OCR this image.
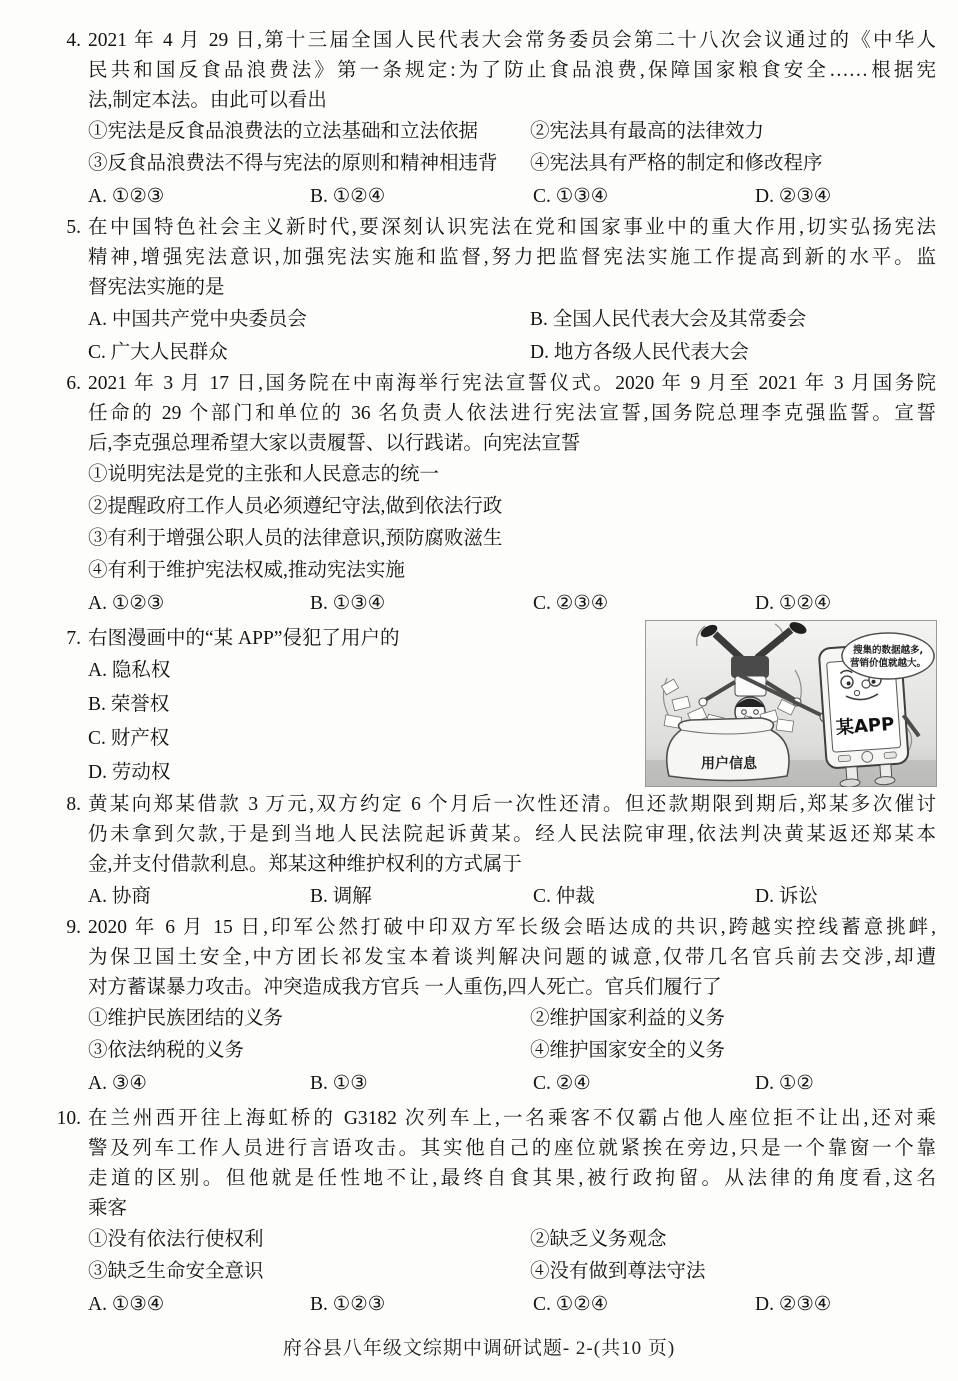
4. 2021 年 4 月 29 日,第十三届全国人民代表大会常务委员会第二十八次会议通过的《中华人
民共和国反食品浪费法》第一条规定:为了防止食品浪费,保障国家粮食安全……根据宪
法,制定本法。由此可以看出
①宪法是反食品浪费法的立法基础和立法依据	②宪法具有最高的法律效力
③反食品浪费法不得与宪法的原则和精神相违背	④宪法具有严格的制定和修改程序
A. ①②③	B. ①②④	C. ①③④	D. ②③④
5. 在中国特色社会主义新时代,要深刻认识宪法在党和国家事业中的重大作用,切实弘扬宪法
精神,增强宪法意识,加强宪法实施和监督,努力把监督宪法实施工作提高到新的水平。监
督宪法实施的是
A. 中国共产党中央委员会	B. 全国人民代表大会及其常委会
C. 广大人民群众	D. 地方各级人民代表大会
6. 2021 年 3 月 17 日,国务院在中南海举行宪法宣誓仪式。2020 年 9 月至 2021 年 3 月国务院
任命的 29 个部门和单位的 36 名负责人依法进行宪法宣誓,国务院总理李克强监誓。宣誓
后,李克强总理希望大家以责履誓、以行践诺。向宪法宣誓
①说明宪法是党的主张和人民意志的统一
②提醒政府工作人员必须遵纪守法,做到依法行政
③有利于增强公职人员的法律意识,预防腐败滋生
④有利于维护宪法权威,推动宪法实施
A. ①②③	B. ①③④	C. ②③④	D. ①②④
7. 右图漫画中的“某 APP”侵犯了用户的
A. 隐私权
B. 荣誉权
C. 财产权
D. 劳动权
8. 黄某向郑某借款 3 万元,双方约定 6 个月后一次性还清。但还款期限到期后,郑某多次催讨
仍未拿到欠款,于是到当地人民法院起诉黄某。经人民法院审理,依法判决黄某返还郑某本
金,并支付借款利息。郑某这种维护权利的方式属于
A. 协商	B. 调解	C. 仲裁	D. 诉讼
9. 2020 年 6 月 15 日,印军公然打破中印双方军长级会晤达成的共识,跨越实控线蓄意挑衅,
为保卫国土安全,中方团长祁发宝本着谈判解决问题的诚意,仅带几名官兵前去交涉,却遭
对方蓄谋暴力攻击。冲突造成我方官兵 一人重伤,四人死亡。官兵们履行了
①维护民族团结的义务	②维护国家利益的义务
③依法纳税的义务	④维护国家安全的义务
A. ③④	B. ①③	C. ②④	D. ①②
10. 在兰州西开往上海虹桥的 G3182 次列车上,一名乘客不仅霸占他人座位拒不让出,还对乘
警及列车工作人员进行言语攻击。其实他自己的座位就紧挨在旁边,只是一个靠窗一个靠
走道的区别。但他就是任性地不让,最终自食其果,被行政拘留。从法律的角度看,这名
乘客
①没有依法行使权利	②缺乏义务观念
③缺乏生命安全意识	④没有做到尊法守法
A. ①③④	B. ①②③	C. ①②④	D. ②③④
用户信息
某APP
搜集的数据越多,
营销价值就越大。
府谷县八年级文综期中调研试题- 2-(共10 页)
